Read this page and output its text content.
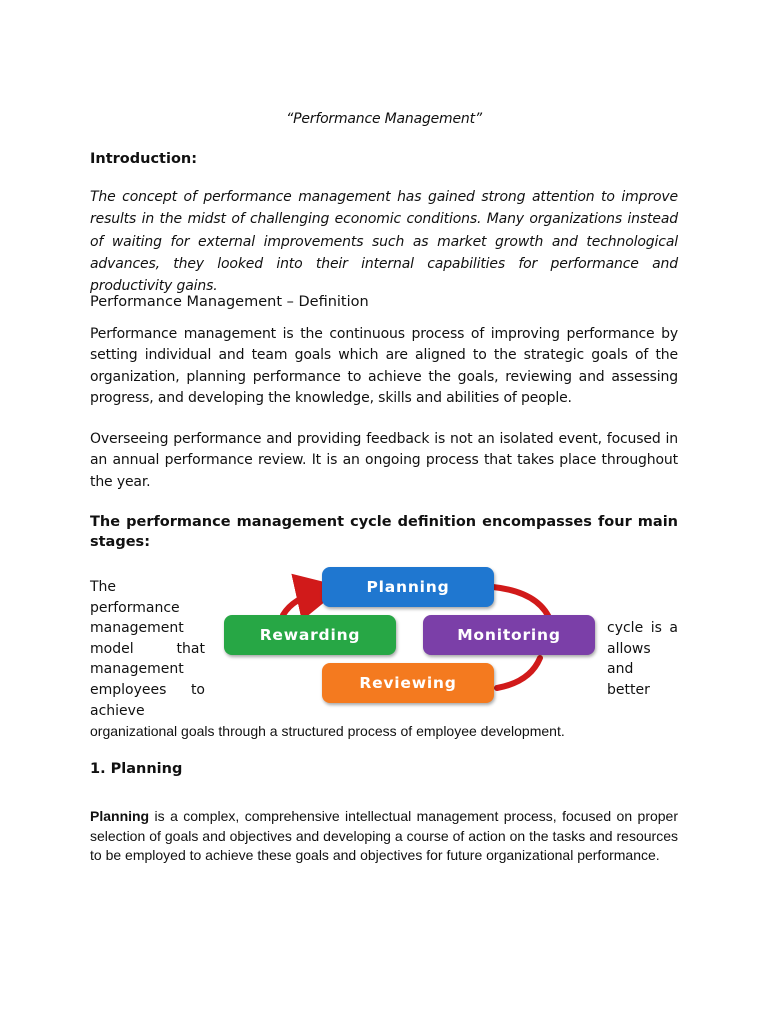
“Performance Management”
Introduction:
The concept of performance management has gained strong attention to improve results in the midst of challenging economic conditions. Many organizations instead of waiting for external improvements such as market growth and technological advances, they looked into their internal capabilities for performance and productivity gains.
Performance Management – Definition
Performance management is the continuous process of improving performance by setting individual and team goals which are aligned to the strategic goals of the organization, planning performance to achieve the goals, reviewing and assessing progress, and developing the knowledge, skills and abilities of people.
Overseeing performance and providing feedback is not an isolated event, focused in an annual performance review. It is an ongoing process that takes place throughout the year.
The performance management cycle definition encompasses four main stages:
The
performance
management
model that
management
employees to
achieve
cycle is a
allows
and
better
organizational goals through a structured process of employee development.
Planning
Monitoring
Reviewing
Rewarding
1. Planning
Planning is a complex, comprehensive intellectual management process, focused on proper selection of goals and objectives and developing a course of action on the tasks and resources to be employed to achieve these goals and objectives for future organizational performance.
